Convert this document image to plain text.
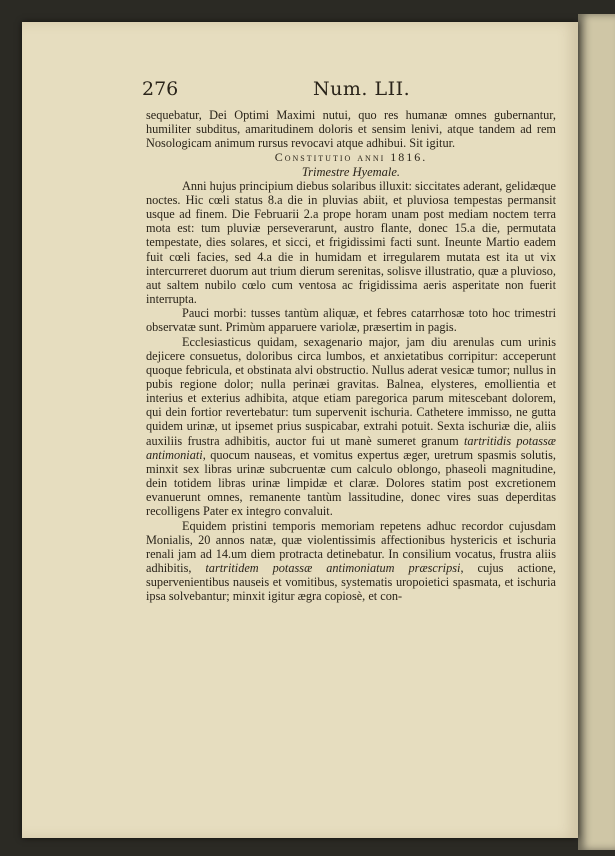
276	Num. LII.

sequebatur, Dei Optimi Maximi nutui, quo res humanæ omnes gubernantur, humiliter subditus, amaritudinem doloris et sensim lenivi, atque tandem ad rem Nosologicam animum rursus revocavi atque adhibui. Sit igitur.

Constitutio anni 1816.

Trimestre Hyemale.

Anni hujus principium diebus solaribus illuxit: siccitates aderant, gelidæque noctes. Hic cœli status 8.a die in pluvias abiit, et pluviosa tempestas permansit usque ad finem. Die Februarii 2.a prope horam unam post mediam noctem terra mota est: tum pluviæ perseverarunt, austro flante, donec 15.a die, permutata tempestate, dies solares, et sicci, et frigidissimi facti sunt. Ineunte Martio eadem fuit cœli facies, sed 4.a die in humidam et irregularem mutata est ita ut vix intercurreret duorum aut trium dierum serenitas, solisve illustratio, quæ a pluvioso, aut saltem nubilo cœlo cum ventosa ac frigidissima aeris asperitate non fuerit interrupta.

Pauci morbi: tusses tantùm aliquæ, et febres catarrhosæ toto hoc trimestri observatæ sunt. Primùm apparuere variolæ, præsertim in pagis.

Ecclesiasticus quidam, sexagenario major, jam diu arenulas cum urinis dejicere consuetus, doloribus circa lumbos, et anxietatibus corripitur: acceperunt quoque febricula, et obstinata alvi obstructio. Nullus aderat vesicæ tumor; nullus in pubis regione dolor; nulla perinæi gravitas. Balnea, elysteres, emollientia et interius et exterius adhibita, atque etiam paregorica parum mitescebant dolorem, qui dein fortior revertebatur: tum supervenit ischuria. Cathetere immisso, ne gutta quidem urinæ, ut ipsemet prius suspicabar, extrahi potuit. Sexta ischuriæ die, aliis auxiliis frustra adhibitis, auctor fui ut manè sumeret granum tartritidis potassæ antimoniati, quocum nauseas, et vomitus expertus æger, uretrum spasmis solutis, minxit sex libras urinæ subcruentæ cum calculo oblongo, phaseoli magnitudine, dein totidem libras urinæ limpidæ et claræ. Dolores statim post excretionem evanuerunt omnes, remanente tantùm lassitudine, donec vires suas deperditas recolligens Pater ex integro convaluit.

Equidem pristini temporis memoriam repetens adhuc recordor cujusdam Monialis, 20 annos natæ, quæ violentissimis affectionibus hystericis et ischuria renali jam ad 14.um diem protracta detinebatur. In consilium vocatus, frustra aliis adhibitis, tartritidem potassæ antimoniatum præscripsi, cujus actione, supervenientibus nauseis et vomitibus, systematis uropoietici spasmata, et ischuria ipsa solvebantur; minxit igitur ægra copiosè, et con-
